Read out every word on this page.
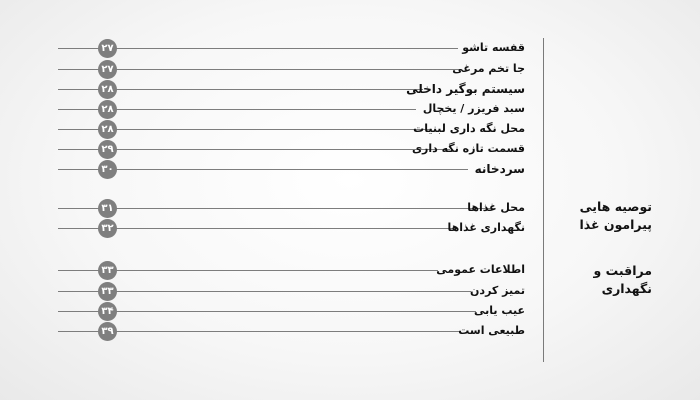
توصیه هایی پیرامون غذا
مراقبت و نگهداری
۲۷	قفسه تاشو
۲۷	جا تخم مرغی
۲۸	سیستم بوگیر داخلی
۲۸	سبد فریزر / یخچال
۲۸	محل نگه داری لبنیات
۲۹	قسمت تازه نگه داری
۳۰	سردخانه
۳۱	محل غذاها
۳۲	نگهداری غذاها
۳۳	اطلاعات عمومی
۳۳	تمیز کردن
۳۴	عیب یابی
۳۹	طبیعی است
